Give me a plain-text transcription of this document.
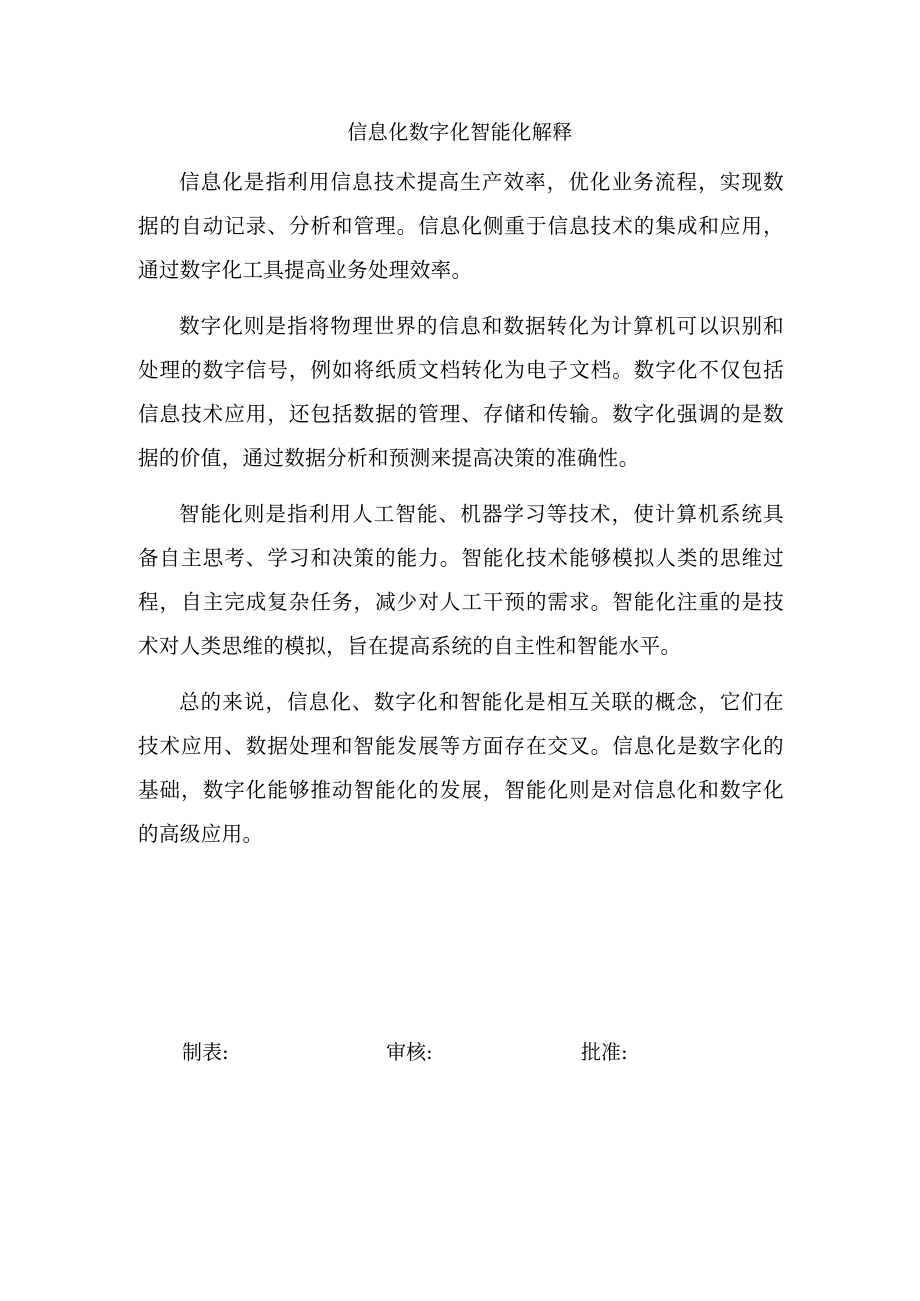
信息化数字化智能化解释

信息化是指利用信息技术提高生产效率，优化业务流程，实现数据的自动记录、分析和管理。信息化侧重于信息技术的集成和应用，通过数字化工具提高业务处理效率。

数字化则是指将物理世界的信息和数据转化为计算机可以识别和处理的数字信号，例如将纸质文档转化为电子文档。数字化不仅包括信息技术应用，还包括数据的管理、存储和传输。数字化强调的是数据的价值，通过数据分析和预测来提高决策的准确性。

智能化则是指利用人工智能、机器学习等技术，使计算机系统具备自主思考、学习和决策的能力。智能化技术能够模拟人类的思维过程，自主完成复杂任务，减少对人工干预的需求。智能化注重的是技术对人类思维的模拟，旨在提高系统的自主性和智能水平。

总的来说，信息化、数字化和智能化是相互关联的概念，它们在技术应用、数据处理和智能发展等方面存在交叉。信息化是数字化的基础，数字化能够推动智能化的发展，智能化则是对信息化和数字化的高级应用。

制表:	审核:	批准:
